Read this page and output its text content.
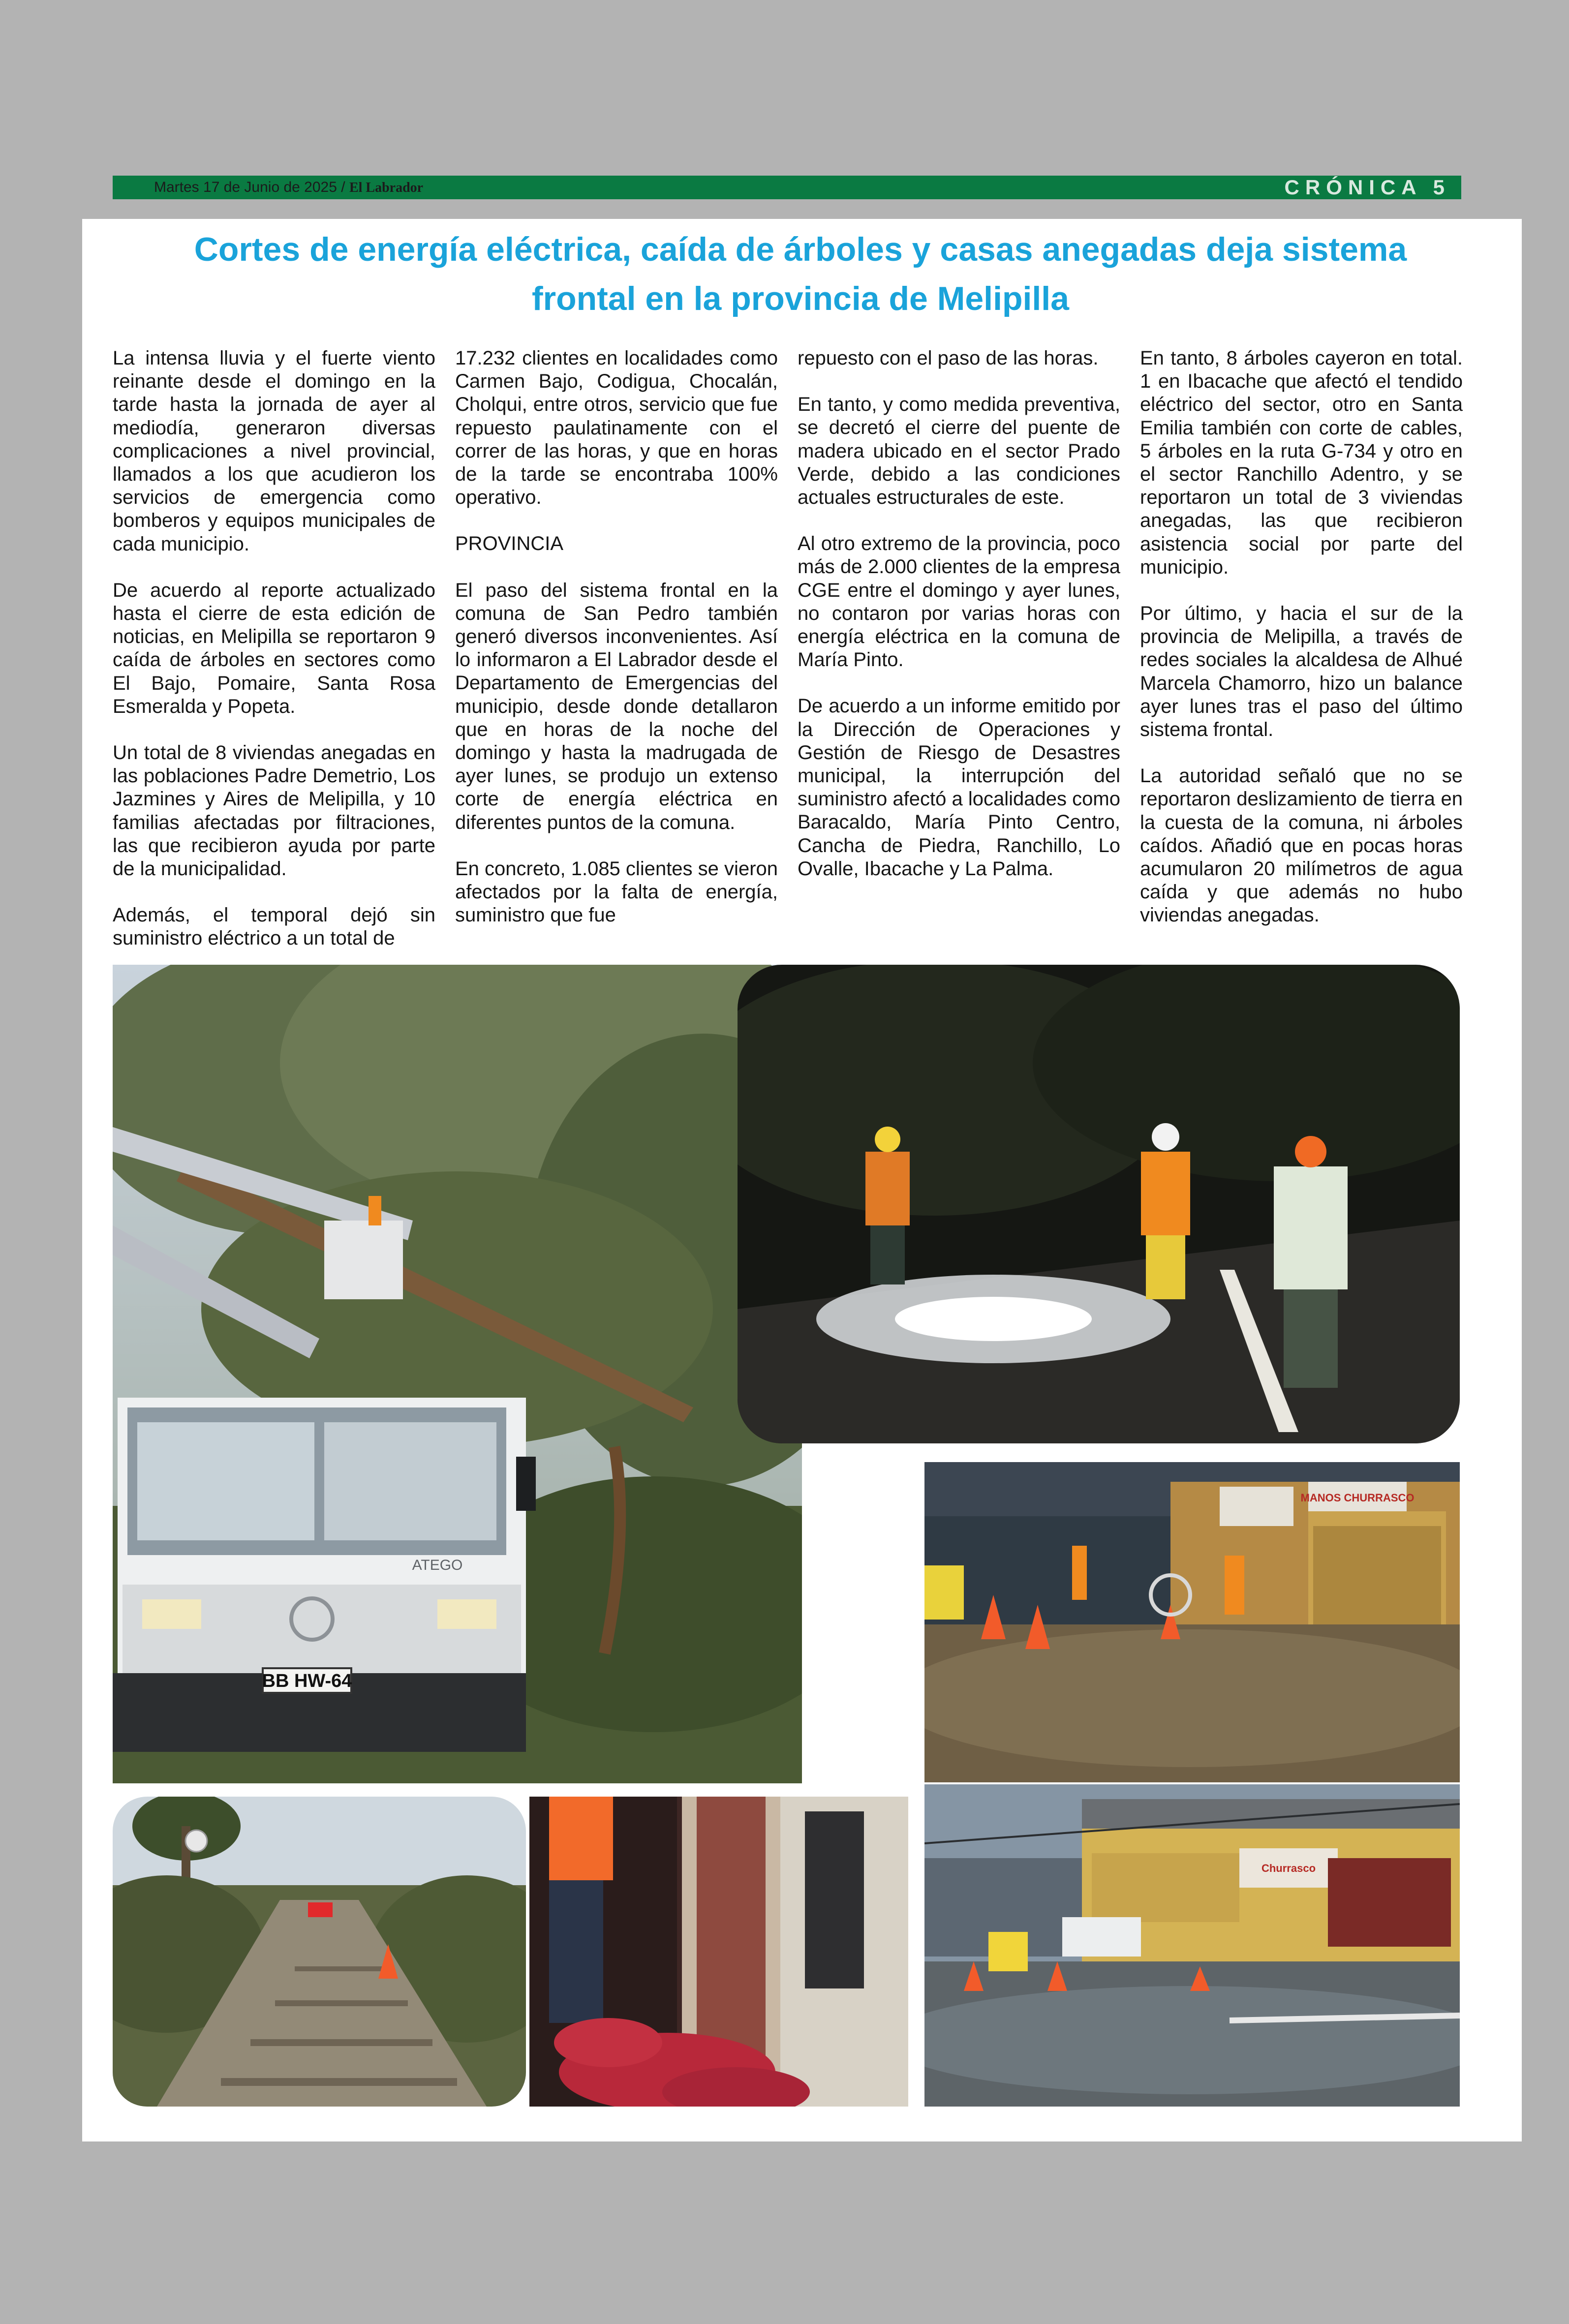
Martes 17 de Junio de 2025 / El Labrador	CRÓNICA 5
Cortes de energía eléctrica, caída de árboles y casas anegadas deja sistema frontal en la provincia de Melipilla

La intensa lluvia y el fuerte viento reinante desde el domingo en la tarde hasta la jornada de ayer al mediodía, generaron diversas complicaciones a nivel provincial, llamados a los que acudieron los servicios de emergencia como bomberos y equipos municipales de cada municipio.

De acuerdo al reporte actualizado hasta el cierre de esta edición de noticias, en Melipilla se reportaron 9 caída de árboles en sectores como El Bajo, Pomaire, Santa Rosa Esmeralda y Popeta.

Un total de 8 viviendas anegadas en las poblaciones Padre Demetrio, Los Jazmines y Aires de Melipilla, y 10 familias afectadas por filtraciones, las que recibieron ayuda por parte de la municipalidad.

Además, el temporal dejó sin suministro eléctrico a un total de

17.232 clientes en localidades como Carmen Bajo, Codigua, Chocalán, Cholqui, entre otros, servicio que fue repuesto paulatinamente con el correr de las horas, y que en horas de la tarde se encontraba 100% operativo.

PROVINCIA

El paso del sistema frontal en la comuna de San Pedro también generó diversos inconvenientes. Así lo informaron a El Labrador desde el Departamento de Emergencias del municipio, desde donde detallaron que en horas de la noche del domingo y hasta la madrugada de ayer lunes, se produjo un extenso corte de energía eléctrica en diferentes puntos de la comuna.

En concreto, 1.085 clientes se vieron afectados por la falta de energía, suministro que fue

repuesto con el paso de las horas.

En tanto, y como medida preventiva, se decretó el cierre del puente de madera ubicado en el sector Prado Verde, debido a las condiciones actuales estructurales de este.

Al otro extremo de la provincia, poco más de 2.000 clientes de la empresa CGE entre el domingo y ayer lunes, no contaron por varias horas con energía eléctrica en la comuna de María Pinto.

De acuerdo a un informe emitido por la Dirección de Operaciones y Gestión de Riesgo de Desastres municipal, la interrupción del suministro afectó a localidades como Baracaldo, María Pinto Centro, Cancha de Piedra, Ranchillo, Lo Ovalle, Ibacache y La Palma.

En tanto, 8 árboles cayeron en total. 1 en Ibacache que afectó el tendido eléctrico del sector, otro en Santa Emilia también con corte de cables, 5 árboles en la ruta G-734 y otro en el sector Ranchillo Adentro, y se reportaron un total de 3 viviendas anegadas, las que recibieron asistencia social por parte del municipio.

Por último, y hacia el sur de la provincia de Melipilla, a través de redes sociales la alcaldesa de Alhué Marcela Chamorro, hizo un balance ayer lunes tras el paso del último sistema frontal.

La autoridad señaló que no se reportaron deslizamiento de tierra en la cuesta de la comuna, ni árboles caídos. Añadió que en pocas horas acumularon 20 milímetros de agua caída y que además no hubo viviendas anegadas.

BB HW-64
ATEGO
MANOS CHURRASCO
Churrasco
